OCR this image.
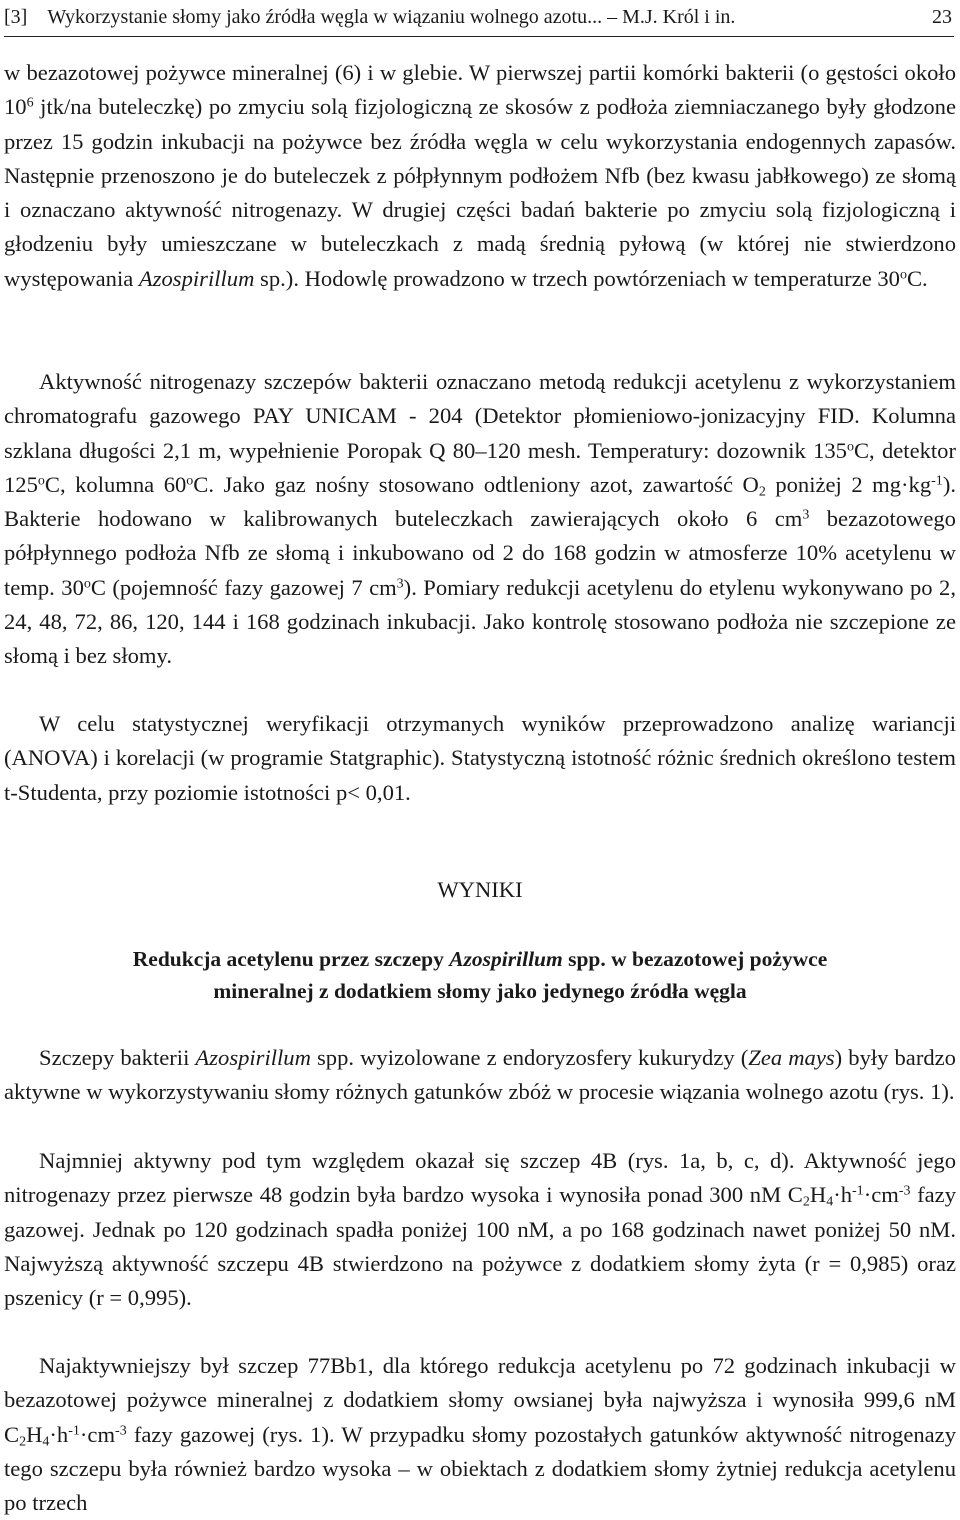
[3] Wykorzystanie słomy jako źródła węgla w wiązaniu wolnego azotu... – M.J. Król i in.	23
w bezazotowej pożywce mineralnej (6) i w glebie. W pierwszej partii komórki bakterii (o gęstości około $10^6$ jtk/na buteleczkę) po zmyciu solą fizjologiczną ze skosów z podłoża ziemniaczanego były głodzone przez 15 godzin inkubacji na pożywce bez źródła węgla w celu wykorzystania endogennych zapasów. Następnie przenoszono je do buteleczek z półpłynnym podłożem Nfb (bez kwasu jabłkowego) ze słomą i oznaczano aktywność nitrogenazy. W drugiej części badań bakterie po zmyciu solą fizjologiczną i głodzeniu były umieszczane w buteleczkach z madą średnią pyłową (w której nie stwierdzono występowania Azospirillum sp.). Hodowlę prowadzono w trzech powtórzeniach w temperaturze 30$^o$C.
Aktywność nitrogenazy szczepów bakterii oznaczano metodą redukcji acetylenu z wykorzystaniem chromatografu gazowego PAY UNICAM - 204 (Detektor płomieniowo-jonizacyjny FID. Kolumna szklana długości 2,1 m, wypełnienie Poropak Q 80–120 mesh. Temperatury: dozownik 135$^o$C, detektor 125$^o$C, kolumna 60$^o$C. Jako gaz nośny stosowano odtleniony azot, zawartość $O_2$ poniżej 2 $mg\cdot kg^{-1}$). Bakterie hodowano w kalibrowanych buteleczkach zawierających około 6 $cm^3$ bezazotowego półpłynnego podłoża Nfb ze słomą i inkubowano od 2 do 168 godzin w atmosferze 10% acetylenu w temp. 30$^o$C (pojemność fazy gazowej 7 $cm^3$). Pomiary redukcji acetylenu do etylenu wykonywano po 2, 24, 48, 72, 86, 120, 144 i 168 godzinach inkubacji. Jako kontrolę stosowano podłoża nie szczepione ze słomą i bez słomy.
W celu statystycznej weryfikacji otrzymanych wyników przeprowadzono analizę wariancji (ANOVA) i korelacji (w programie Statgraphic). Statystyczną istotność różnic średnich określono testem t-Studenta, przy poziomie istotności p< 0,01.
WYNIKI
Redukcja acetylenu przez szczepy Azospirillum spp. w bezazotowej pożywce
mineralnej z dodatkiem słomy jako jedynego źródła węgla
Szczepy bakterii Azospirillum spp. wyizolowane z endoryzosfery kukurydzy (Zea mays) były bardzo aktywne w wykorzystywaniu słomy różnych gatunków zbóż w procesie wiązania wolnego azotu (rys. 1).
Najmniej aktywny pod tym względem okazał się szczep 4B (rys. 1a, b, c, d). Aktywność jego nitrogenazy przez pierwsze 48 godzin była bardzo wysoka i wynosiła ponad 300 nM $C_2H_4\cdot h^{-1}\cdot cm^{-3}$ fazy gazowej. Jednak po 120 godzinach spadła poniżej 100 nM, a po 168 godzinach nawet poniżej 50 nM. Najwyższą aktywność szczepu 4B stwierdzono na pożywce z dodatkiem słomy żyta (r = 0,985) oraz pszenicy (r = 0,995).
Najaktywniejszy był szczep 77Bb1, dla którego redukcja acetylenu po 72 godzinach inkubacji w bezazotowej pożywce mineralnej z dodatkiem słomy owsianej była najwyższa i wynosiła 999,6 nM $C_2H_4\cdot h^{-1}\cdot cm^{-3}$ fazy gazowej (rys. 1). W przypadku słomy pozostałych gatunków aktywność nitrogenazy tego szczepu była również bardzo wysoka – w obiektach z dodatkiem słomy żytniej redukcja acetylenu po trzech
